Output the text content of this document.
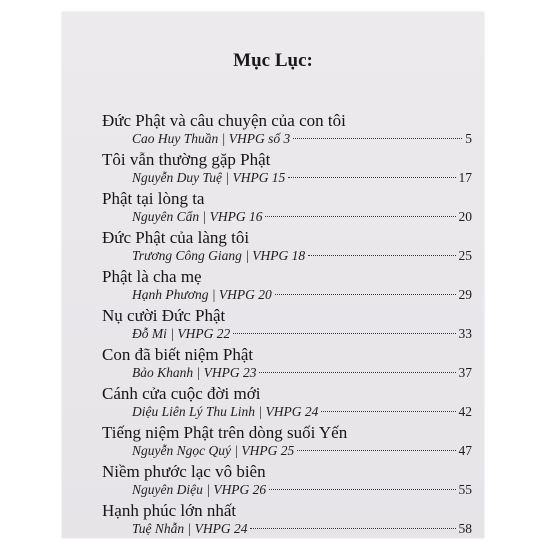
Mục Lục:
Đức Phật và câu chuyện của con tôi
Cao Huy Thuần | VHPG số 3	5
Tôi vẫn thường gặp Phật
Nguyễn Duy Tuệ | VHPG 15	17
Phật tại lòng ta
Nguyên Cẩn | VHPG 16	20
Đức Phật của làng tôi
Trương Công Giang | VHPG 18	25
Phật là cha mẹ
Hạnh Phương | VHPG 20	29
Nụ cười Đức Phật
Đỗ Mi | VHPG 22	33
Con đã biết niệm Phật
Bảo Khanh | VHPG 23	37
Cánh cửa cuộc đời mới
Diệu Liên Lý Thu Linh | VHPG 24	42
Tiếng niệm Phật trên dòng suối Yến
Nguyễn Ngọc Quý | VHPG 25	47
Niềm phước lạc vô biên
Nguyên Diệu | VHPG 26	55
Hạnh phúc lớn nhất
Tuệ Nhẫn | VHPG 24	58
